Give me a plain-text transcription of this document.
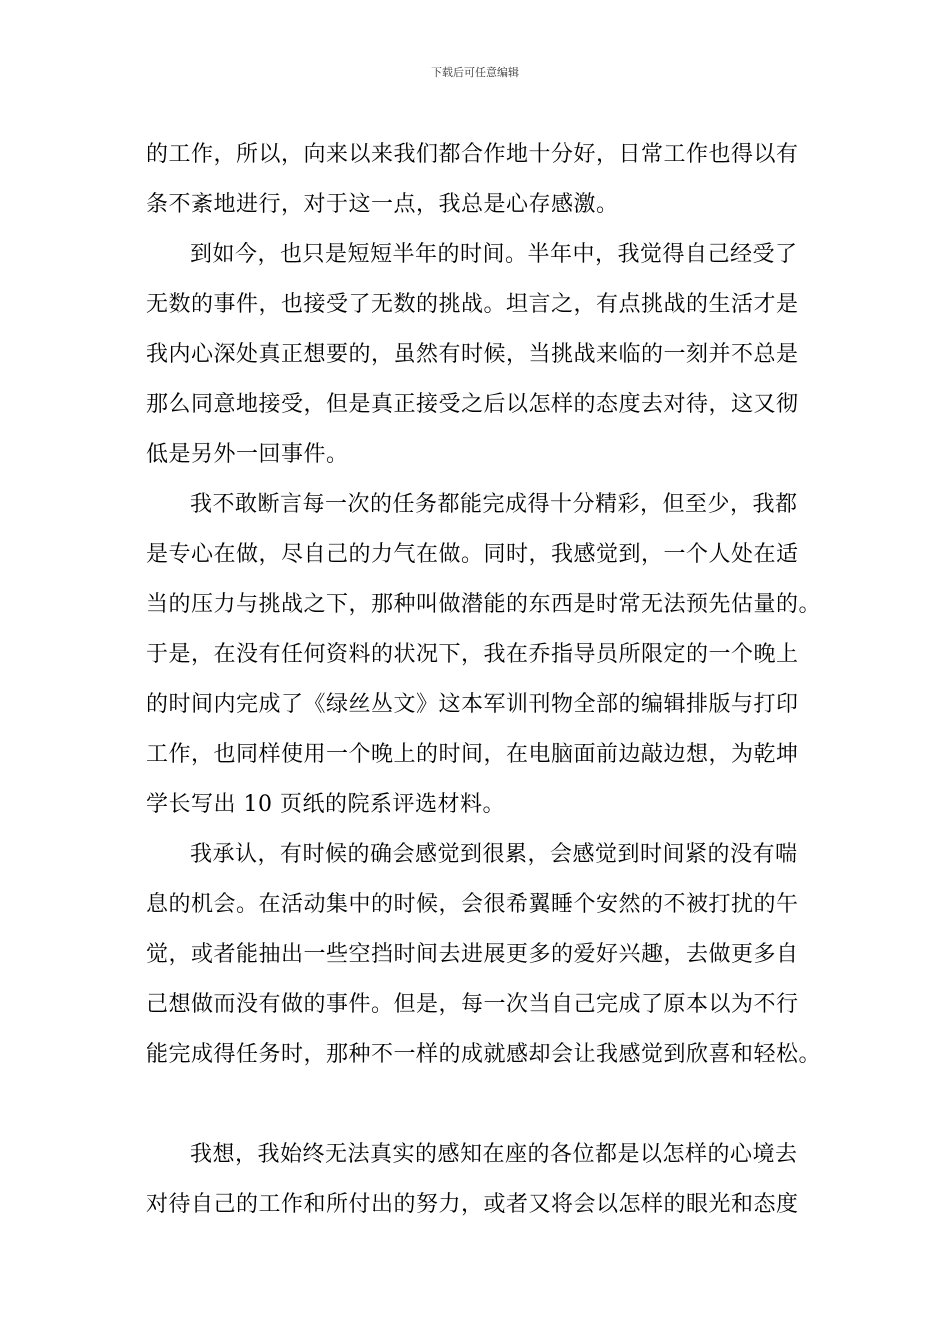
下载后可任意编辑
的工作，所以，向来以来我们都合作地十分好，日常工作也得以有
条不紊地进行，对于这一点，我总是心存感激。
到如今，也只是短短半年的时间。半年中，我觉得自己经受了
无数的事件，也接受了无数的挑战。坦言之，有点挑战的生活才是
我内心深处真正想要的，虽然有时候，当挑战来临的一刻并不总是
那么同意地接受，但是真正接受之后以怎样的态度去对待，这又彻
低是另外一回事件。
我不敢断言每一次的任务都能完成得十分精彩，但至少，我都
是专心在做，尽自己的力气在做。同时，我感觉到，一个人处在适
当的压力与挑战之下，那种叫做潜能的东西是时常无法预先估量的。
于是，在没有任何资料的状况下，我在乔指导员所限定的一个晚上
的时间内完成了《绿丝丛文》这本军训刊物全部的编辑排版与打印
工作，也同样使用一个晚上的时间，在电脑面前边敲边想，为乾坤
学长写出 10 页纸的院系评选材料。
我承认，有时候的确会感觉到很累，会感觉到时间紧的没有喘
息的机会。在活动集中的时候，会很希翼睡个安然的不被打扰的午
觉，或者能抽出一些空挡时间去进展更多的爱好兴趣，去做更多自
己想做而没有做的事件。但是，每一次当自己完成了原本以为不行
能完成得任务时，那种不一样的成就感却会让我感觉到欣喜和轻松。
我想，我始终无法真实的感知在座的各位都是以怎样的心境去
对待自己的工作和所付出的努力，或者又将会以怎样的眼光和态度
